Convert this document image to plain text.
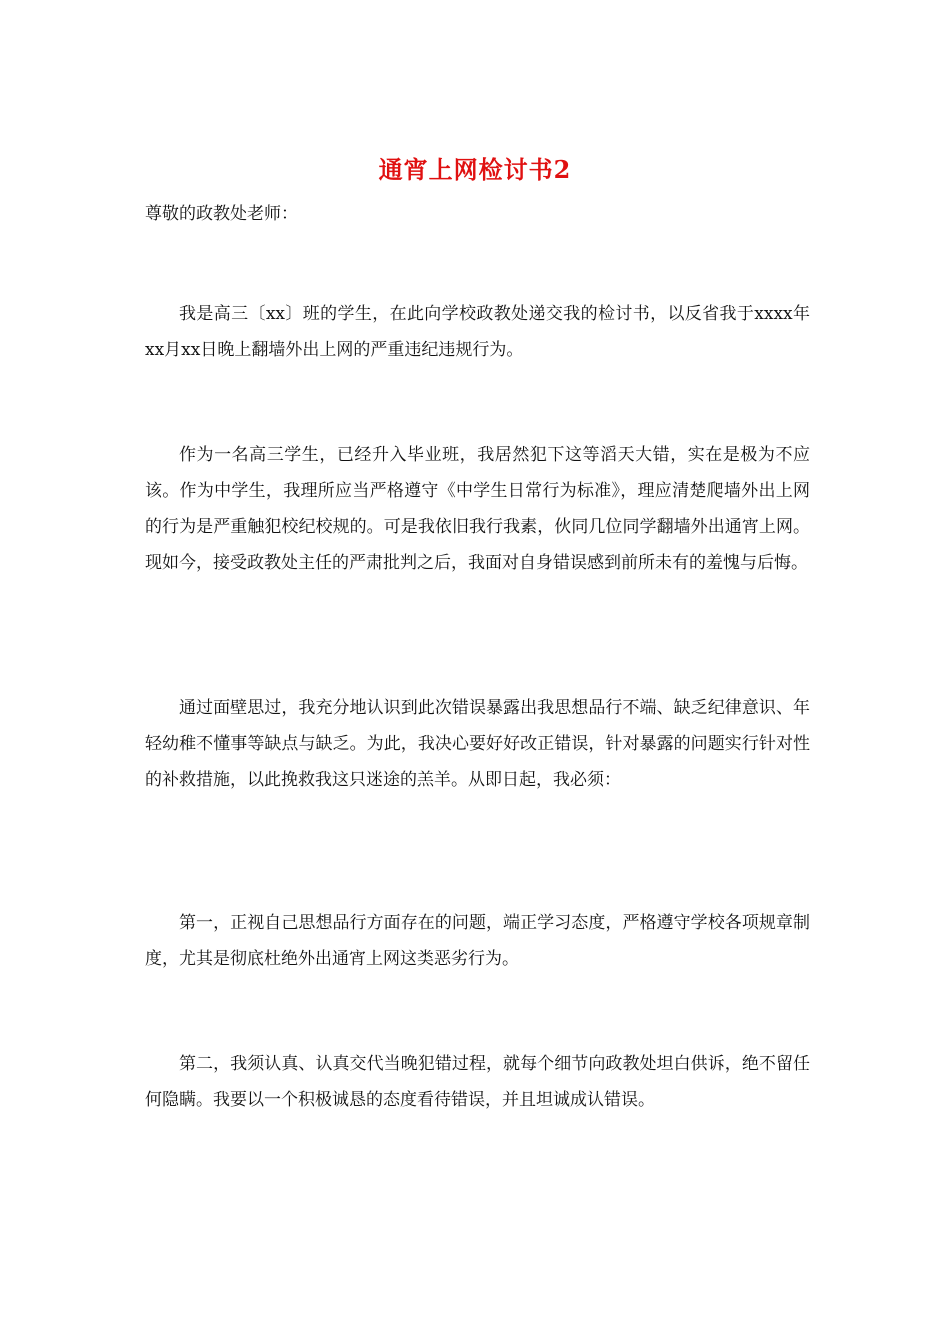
通宵上网检讨书2
尊敬的政教处老师：

我是高三〔xx〕班的学生，在此向学校政教处递交我的检讨书，以反省我于xxxx年xx月xx日晚上翻墙外出上网的严重违纪违规行为。

作为一名高三学生，已经升入毕业班，我居然犯下这等滔天大错，实在是极为不应该。作为中学生，我理所应当严格遵守《中学生日常行为标准》，理应清楚爬墙外出上网的行为是严重触犯校纪校规的。可是我依旧我行我素，伙同几位同学翻墙外出通宵上网。现如今，接受政教处主任的严肃批判之后，我面对自身错误感到前所未有的羞愧与后悔。

通过面壁思过，我充分地认识到此次错误暴露出我思想品行不端、缺乏纪律意识、年轻幼稚不懂事等缺点与缺乏。为此，我决心要好好改正错误，针对暴露的问题实行针对性的补救措施，以此挽救我这只迷途的羔羊。从即日起，我必须：

第一，正视自己思想品行方面存在的问题，端正学习态度，严格遵守学校各项规章制度，尤其是彻底杜绝外出通宵上网这类恶劣行为。

第二，我须认真、认真交代当晚犯错过程，就每个细节向政教处坦白供诉，绝不留任何隐瞒。我要以一个积极诚恳的态度看待错误，并且坦诚成认错误。
